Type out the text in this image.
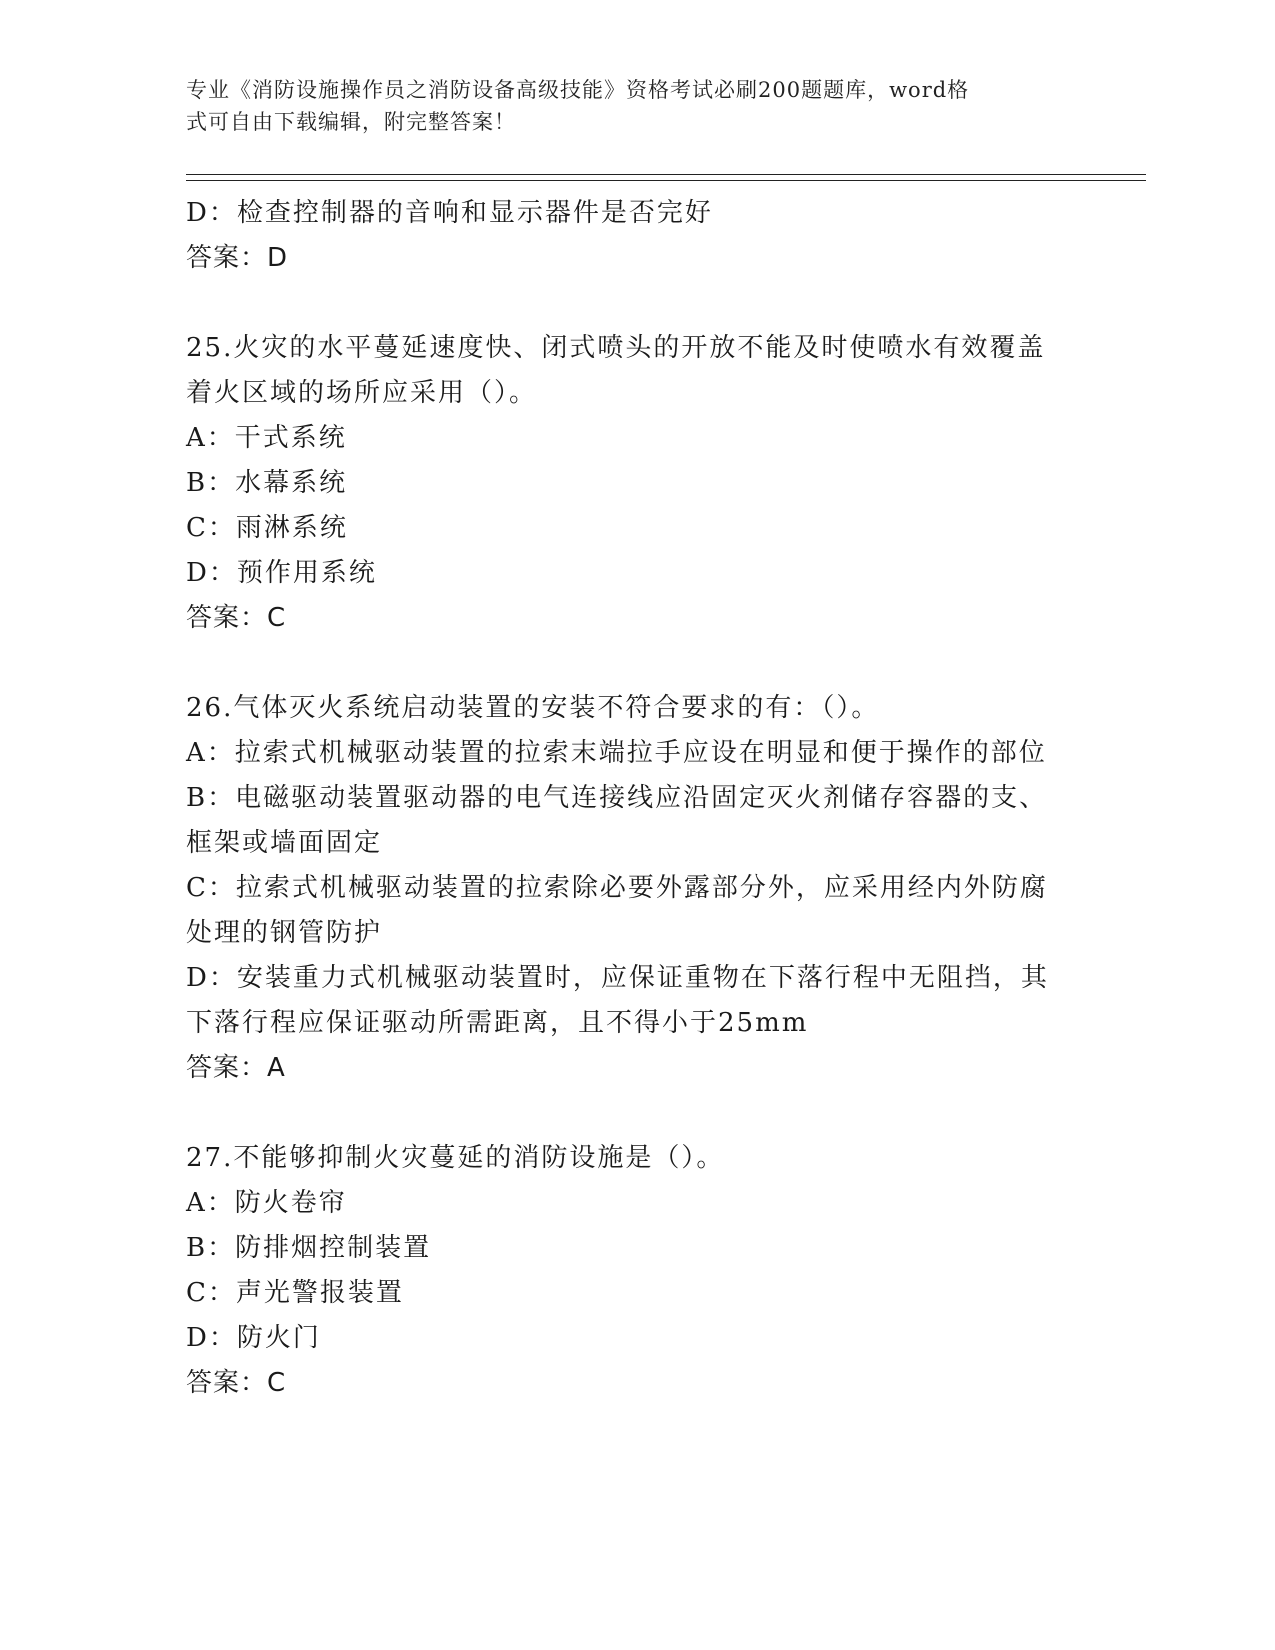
专业《消防设施操作员之消防设备高级技能》资格考试必刷200题题库，word格
式可自由下载编辑，附完整答案！
D：检查控制器的音响和显示器件是否完好
答案：D
25.火灾的水平蔓延速度快、闭式喷头的开放不能及时使喷水有效覆盖
着火区域的场所应采用（）。
A：干式系统
B：水幕系统
C：雨淋系统
D：预作用系统
答案：C
26.气体灭火系统启动装置的安装不符合要求的有：（）。
A：拉索式机械驱动装置的拉索末端拉手应设在明显和便于操作的部位
B：电磁驱动装置驱动器的电气连接线应沿固定灭火剂储存容器的支、
框架或墙面固定
C：拉索式机械驱动装置的拉索除必要外露部分外，应采用经内外防腐
处理的钢管防护
D：安装重力式机械驱动装置时，应保证重物在下落行程中无阻挡，其
下落行程应保证驱动所需距离，且不得小于25mm
答案：A
27.不能够抑制火灾蔓延的消防设施是（）。
A：防火卷帘
B：防排烟控制装置
C：声光警报装置
D：防火门
答案：C
